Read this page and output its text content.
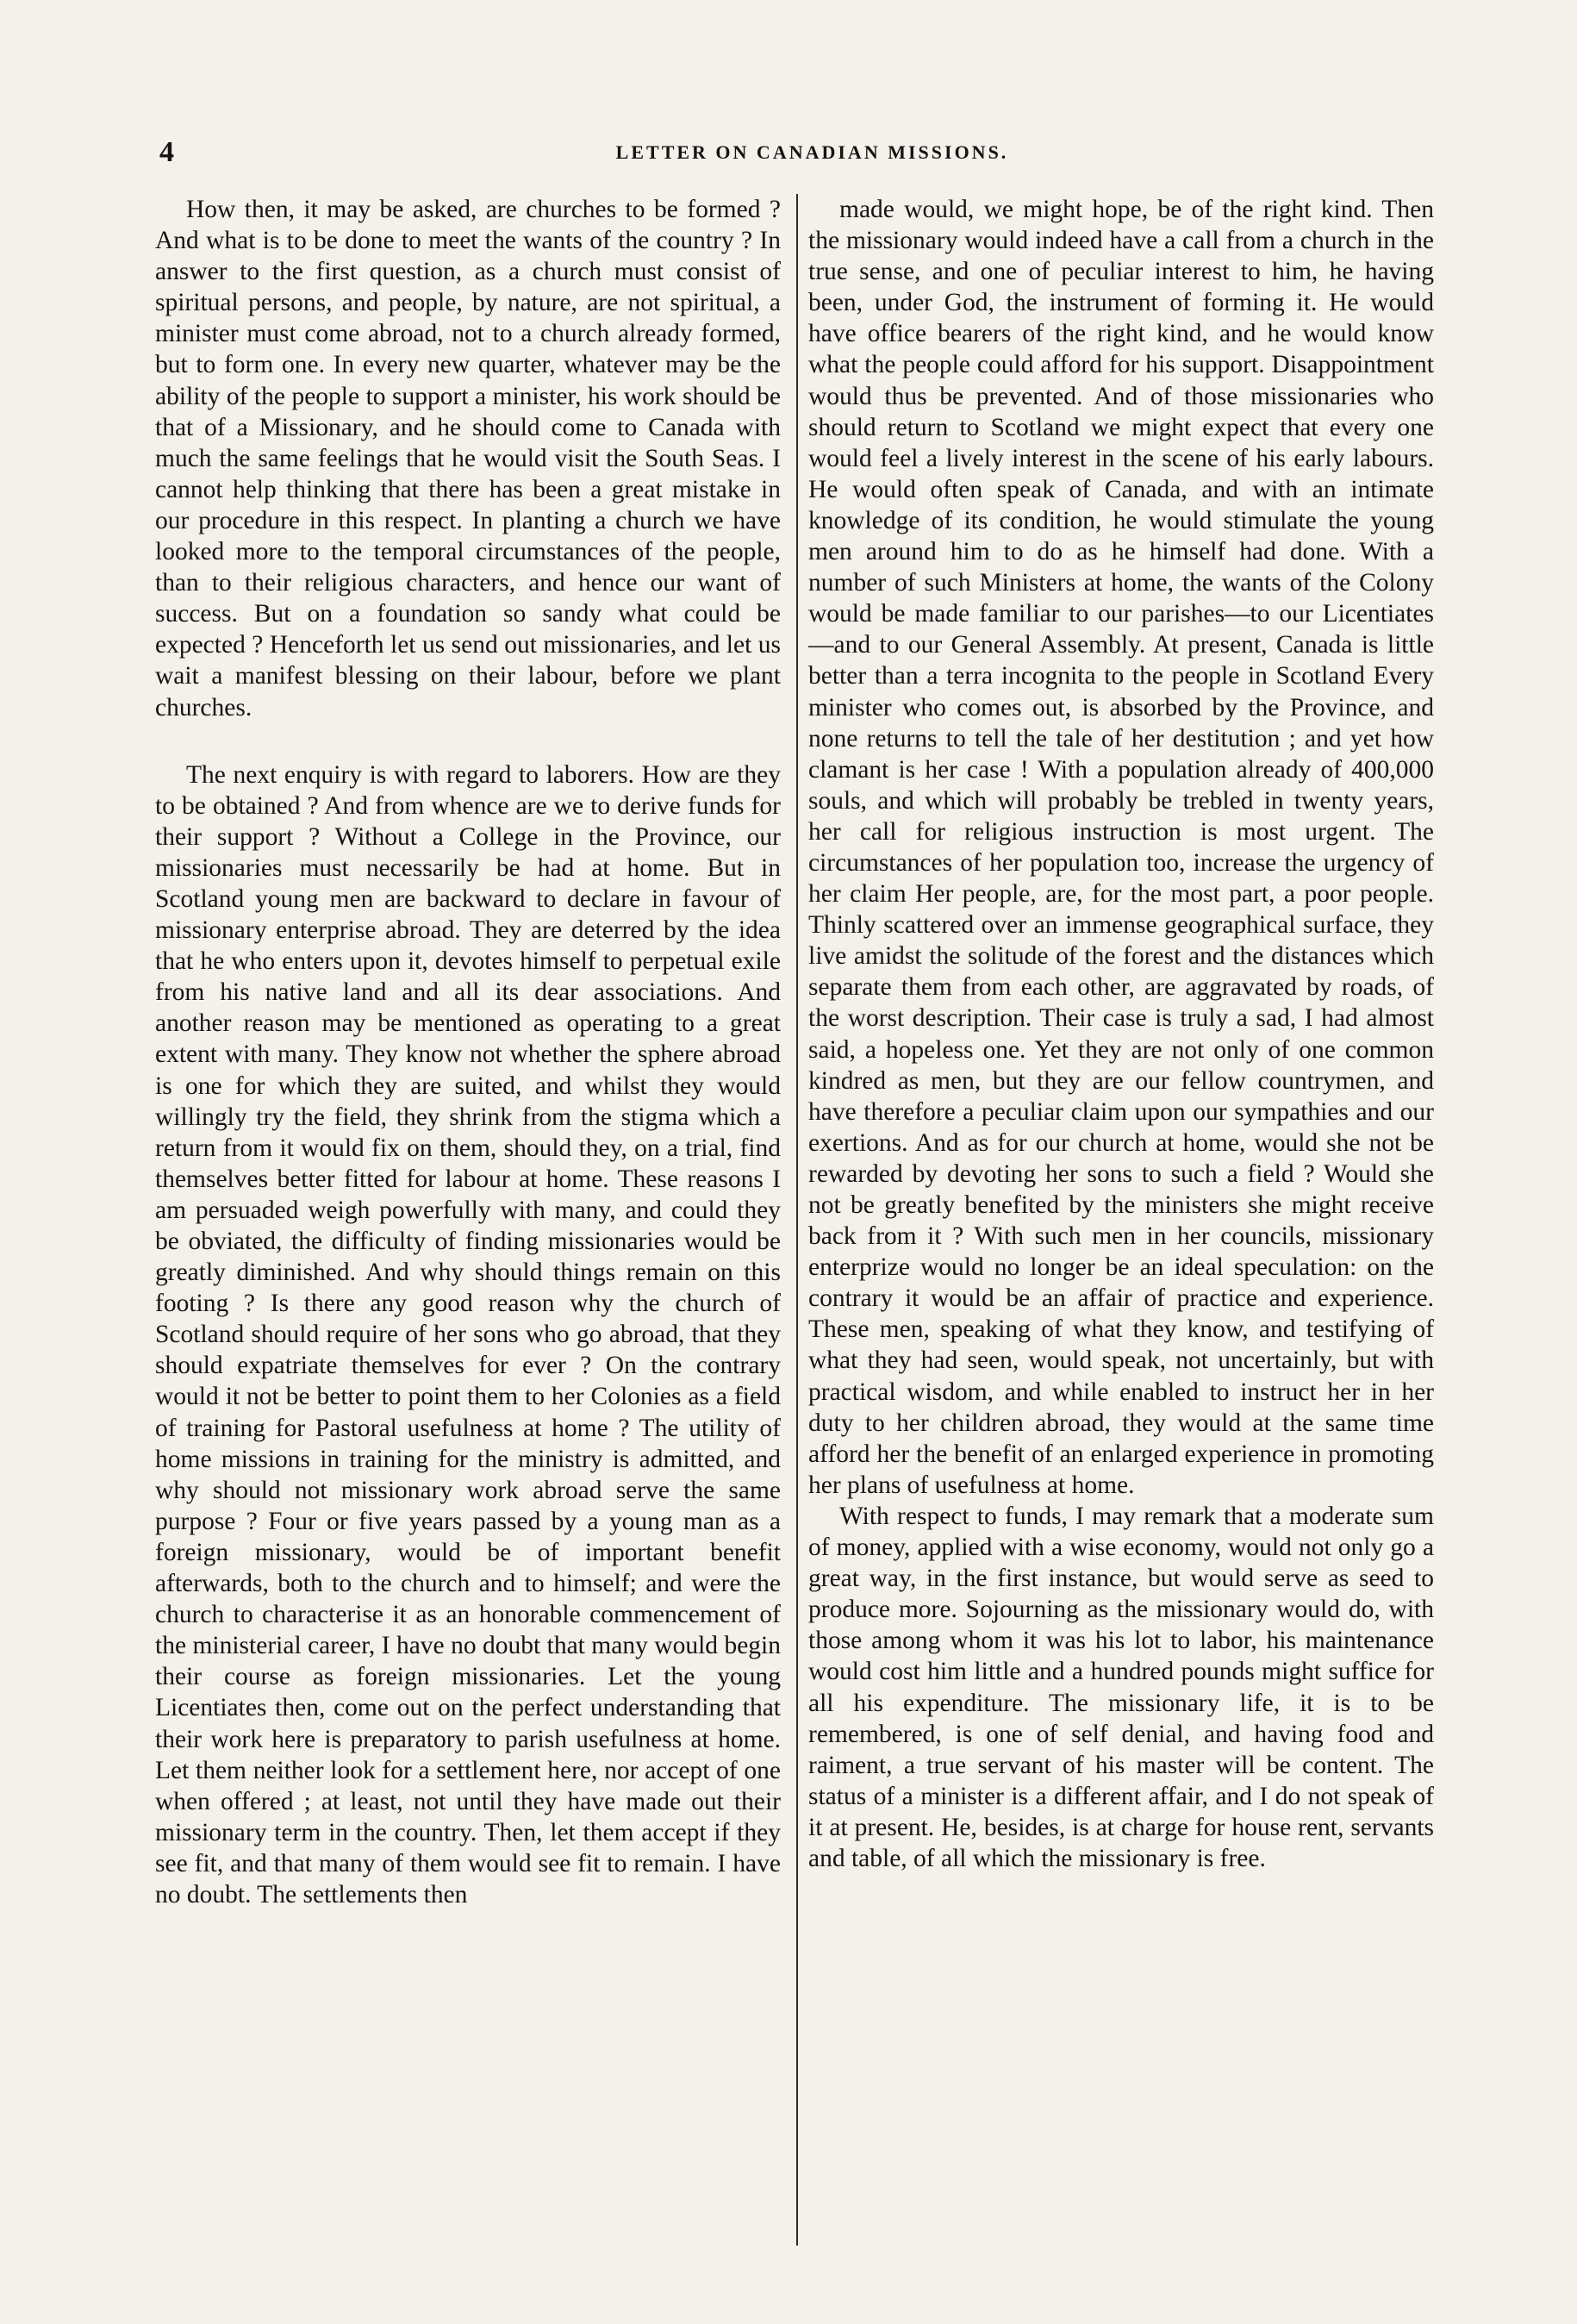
4	LETTER ON CANADIAN MISSIONS.

How then, it may be asked, are churches to be formed ? And what is to be done to meet the wants of the country ? In answer to the first question, as a church must consist of spiritual persons, and people, by nature, are not spiritual, a minister must come abroad, not to a church already formed, but to form one. In every new quarter, whatever may be the ability of the people to support a minister, his work should be that of a Missionary, and he should come to Canada with much the same feelings that he would visit the South Seas. I cannot help thinking that there has been a great mistake in our procedure in this respect. In planting a church we have looked more to the temporal circumstances of the people, than to their religious characters, and hence our want of success. But on a foundation so sandy what could be expected ? Henceforth let us send out missionaries, and let us wait a manifest blessing on their labour, before we plant churches.

The next enquiry is with regard to laborers. How are they to be obtained ? And from whence are we to derive funds for their support ? Without a College in the Province, our missionaries must necessarily be had at home. But in Scotland young men are backward to declare in favour of missionary enterprise abroad. They are deterred by the idea that he who enters upon it, devotes himself to perpetual exile from his native land and all its dear associations. And another reason may be mentioned as operating to a great extent with many. They know not whether the sphere abroad is one for which they are suited, and whilst they would willingly try the field, they shrink from the stigma which a return from it would fix on them, should they, on a trial, find themselves better fitted for labour at home. These reasons I am persuaded weigh powerfully with many, and could they be obviated, the difficulty of finding missionaries would be greatly diminished. And why should things remain on this footing ? Is there any good reason why the church of Scotland should require of her sons who go abroad, that they should expatriate themselves for ever ? On the contrary would it not be better to point them to her Colonies as a field of training for Pastoral usefulness at home ? The utility of home missions in training for the ministry is admitted, and why should not missionary work abroad serve the same purpose ? Four or five years passed by a young man as a foreign missionary, would be of important benefit afterwards, both to the church and to himself; and were the church to characterise it as an honorable commencement of the ministerial career, I have no doubt that many would begin their course as foreign missionaries. Let the young Licentiates then, come out on the perfect understanding that their work here is preparatory to parish usefulness at home. Let them neither look for a settlement here, nor accept of one when offered ; at least, not until they have made out their missionary term in the country. Then, let them accept if they see fit, and that many of them would see fit to remain. I have no doubt. The settlements then

made would, we might hope, be of the right kind. Then the missionary would indeed have a call from a church in the true sense, and one of peculiar interest to him, he having been, under God, the instrument of forming it. He would have office bearers of the right kind, and he would know what the people could afford for his support. Disappointment would thus be prevented. And of those missionaries who should return to Scotland we might expect that every one would feel a lively interest in the scene of his early labours. He would often speak of Canada, and with an intimate knowledge of its condition, he would stimulate the young men around him to do as he himself had done. With a number of such Ministers at home, the wants of the Colony would be made familiar to our parishes—to our Licentiates—and to our General Assembly. At present, Canada is little better than a terra incognita to the people in Scotland Every minister who comes out, is absorbed by the Province, and none returns to tell the tale of her destitution ; and yet how clamant is her case ! With a population already of 400,000 souls, and which will probably be trebled in twenty years, her call for religious instruction is most urgent. The circumstances of her population too, increase the urgency of her claim Her people, are, for the most part, a poor people. Thinly scattered over an immense geographical surface, they live amidst the solitude of the forest and the distances which separate them from each other, are aggravated by roads, of the worst description. Their case is truly a sad, I had almost said, a hopeless one. Yet they are not only of one common kindred as men, but they are our fellow countrymen, and have therefore a peculiar claim upon our sympathies and our exertions. And as for our church at home, would she not be rewarded by devoting her sons to such a field ? Would she not be greatly benefited by the ministers she might receive back from it ? With such men in her councils, missionary enterprize would no longer be an ideal speculation: on the contrary it would be an affair of practice and experience. These men, speaking of what they know, and testifying of what they had seen, would speak, not uncertainly, but with practical wisdom, and while enabled to instruct her in her duty to her children abroad, they would at the same time afford her the benefit of an enlarged experience in promoting her plans of usefulness at home.

With respect to funds, I may remark that a moderate sum of money, applied with a wise economy, would not only go a great way, in the first instance, but would serve as seed to produce more. Sojourning as the missionary would do, with those among whom it was his lot to labor, his maintenance would cost him little and a hundred pounds might suffice for all his expenditure. The missionary life, it is to be remembered, is one of self denial, and having food and raiment, a true servant of his master will be content. The status of a minister is a different affair, and I do not speak of it at present. He, besides, is at charge for house rent, servants and table, of all which the missionary is free.
